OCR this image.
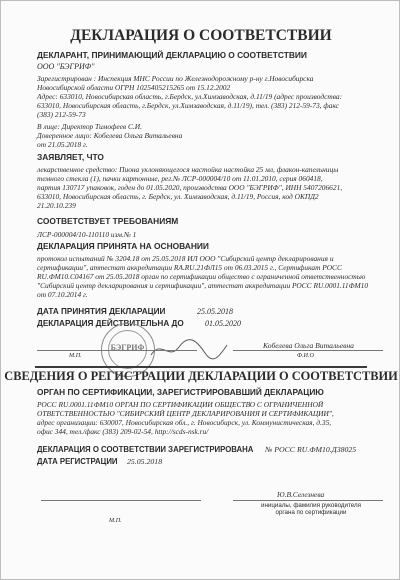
ДЕКЛАРАЦИЯ О СООТВЕТСТВИИ
ДЕКЛАРАНТ, ПРИНИМАЮЩИЙ ДЕКЛАРАЦИЮ О СООТВЕТСТВИИ
ООО "БЭГРИФ"
Зарегистрирован : Инспекция МНС России по Железнодорожному р-ну г.Новосибирска
Новосибирской области ОГРН 1025405215265 от 15.12.2002
Адрес: 633010, Новосибирская область, г.Бердск, ул.Химзаводская, д.11/19 (адрес производства:
633010, Новосибирская область, г.Бердск, ул.Химзаводская, д.11/19), тел. (383) 212-59-73, факс
(383) 212-59-73
В лице: Директор Тимофеев С.И.
Доверенное лицо: Кобелева Ольга Витальевна
от 21.05.2018 г.
ЗАЯВЛЯЕТ, ЧТО
лекарственное средство: Пиона уклоняющегося настойка настойка 25 мл, флакон-капельницы
темного стекла (1), пачки картонные, рег.№ ЛСР-000004/10 от 11.01.2010, серия 060418,
партия 130717 упаковок, годен до 01.05.2020, производства ООО "БЭГРИФ", ИНН 5407206621,
633010, Новосибирская область, г. Бердск, ул. Химзаводская, д.11/19, Россия, код ОКПД2
21.20.10.239
СООТВЕТСТВУЕТ ТРЕБОВАНИЯМ
ЛСР-000004/10-110110 изм.№ 1
ДЕКЛАРАЦИЯ ПРИНЯТА НА ОСНОВАНИИ
протокол испытаний № 3204.18 от 25.05.2018 ИЛ ООО "Сибирский центр декларирования и
сертификации", аттестат аккредитации RA.RU.21ФЛ15 от 06.03.2015 г., Сертификат РОСС
RU.ФМ10.С04167 от 25.05.2018 орган по сертификации общество с ограниченной ответственностью
"Сибирский центр декларирования и сертификации", аттестат аккредитации РОСС RU.0001.11ФМ10
от 07.10.2014 г.
ДАТА ПРИНЯТИЯ ДЕКЛАРАЦИИ	25.05.2018
ДЕКЛАРАЦИЯ ДЕЙСТВИТЕЛЬНА ДО	01.05.2020
БЭГРИФ
М.П.
Кобелева Ольга Витальевна
Ф.И.О
СВЕДЕНИЯ О РЕГИСТРАЦИИ ДЕКЛАРАЦИИ О СООТВЕТСТВИИ
ОРГАН ПО СЕРТИФИКАЦИИ, ЗАРЕГИСТРИРОВАВШИЙ ДЕКЛАРАЦИЮ
РОСС RU.0001.11ФМ10 ОРГАН ПО СЕРТИФИКАЦИИ ОБЩЕСТВО С ОГРАНИЧЕННОЙ
ОТВЕТСТВЕННОСТЬЮ "СИБИРСКИЙ ЦЕНТР ДЕКЛАРИРОВАНИЯ И СЕРТИФИКАЦИИ",
адрес организации: 630007, Новосибирская обл., г. Новосибирск, ул. Коммунистическая, д.35,
офис 344, тел./факс (383) 209-02-54, http://scds-nsk.ru/
ДЕКЛАРАЦИЯ О СООТВЕТСТВИИ ЗАРЕГИСТРИРОВАНА № РОСС RU.ФМ10.Д38025
ДАТА РЕГИСТРАЦИИ 25.05.2018
Ю.В.Селезнева
инициалы, фамилия руководителя
органа по сертификации
М.П.
